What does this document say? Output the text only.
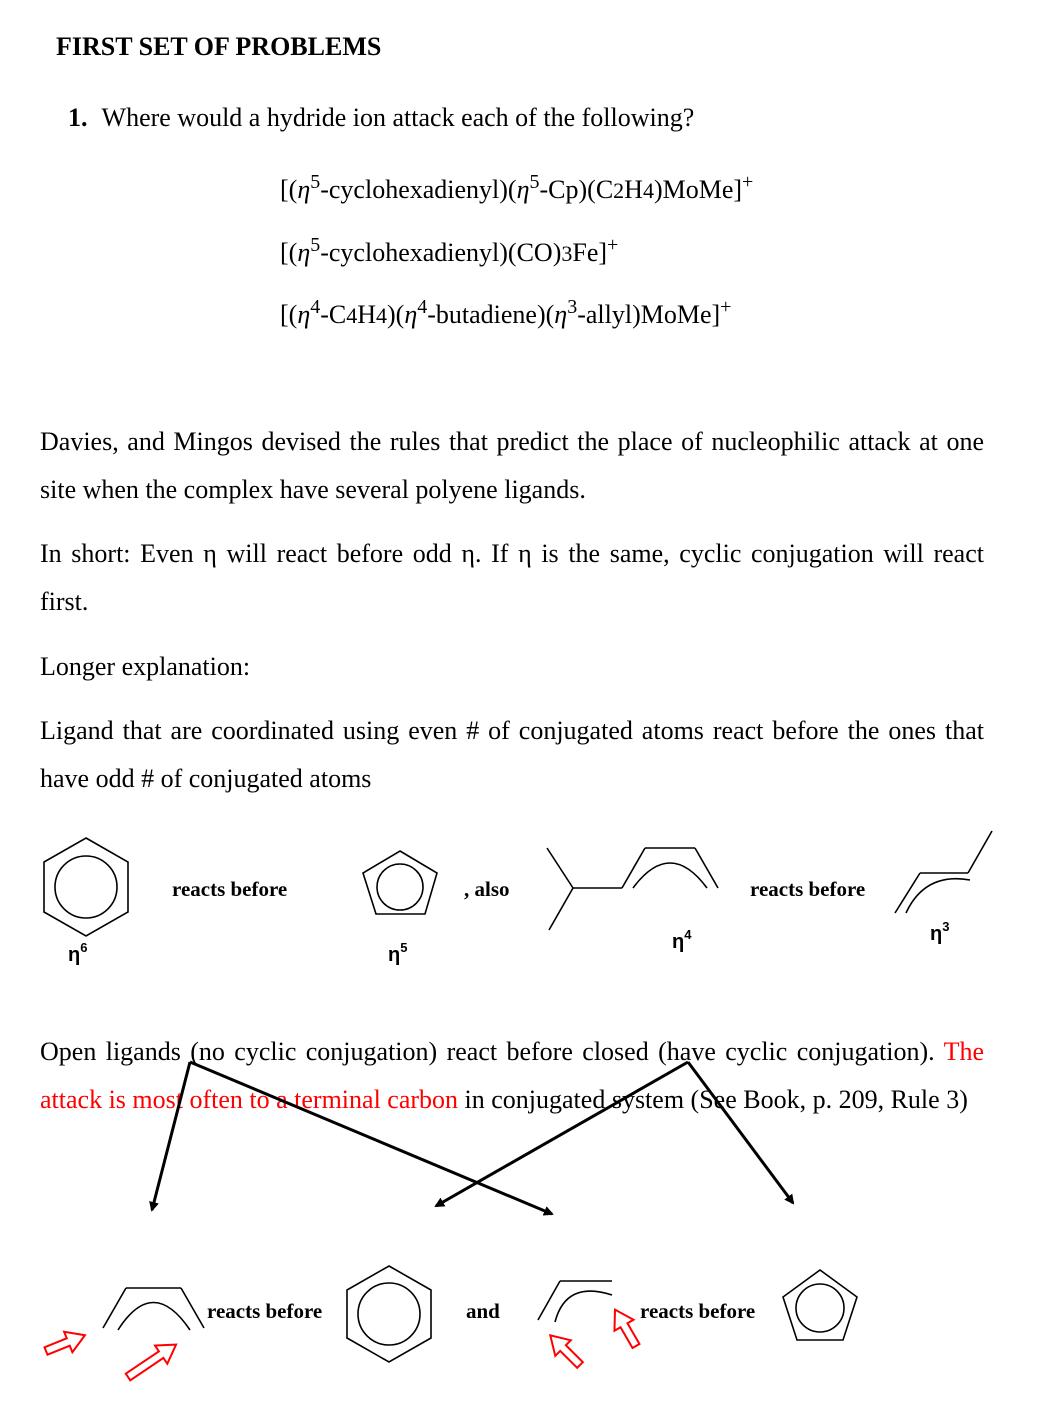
FIRST SET OF PROBLEMS
1. Where would a hydride ion attack each of the following?
$[(\eta^5-cyclohexadienyl)(\eta^5-Cp)(C2H4)MoMe]^+$
$[(\eta^5-cyclohexadienyl)(CO)3Fe]^+$
$[(\eta^4-C4H4)(\eta^4-butadiene)(\eta^3-allyl)MoMe]^+$
Davies, and Mingos devised the rules that predict the place of nucleophilic attack at one site when the complex have several polyene ligands.
In short: Even η will react before odd η. If η is the same, cyclic conjugation will react first.
Longer explanation:
Ligand that are coordinated using even # of conjugated atoms react before the ones that have odd # of conjugated atoms
Open ligands (no cyclic conjugation) react before closed (have cyclic conjugation). The attack is most often to a terminal carbon in conjugated system (See Book, p. 209, Rule 3)
reacts before	, also	reacts before
$\eta^6$	$\eta^5$	$\eta^4$	$\eta^3$
reacts before	and	reacts before
